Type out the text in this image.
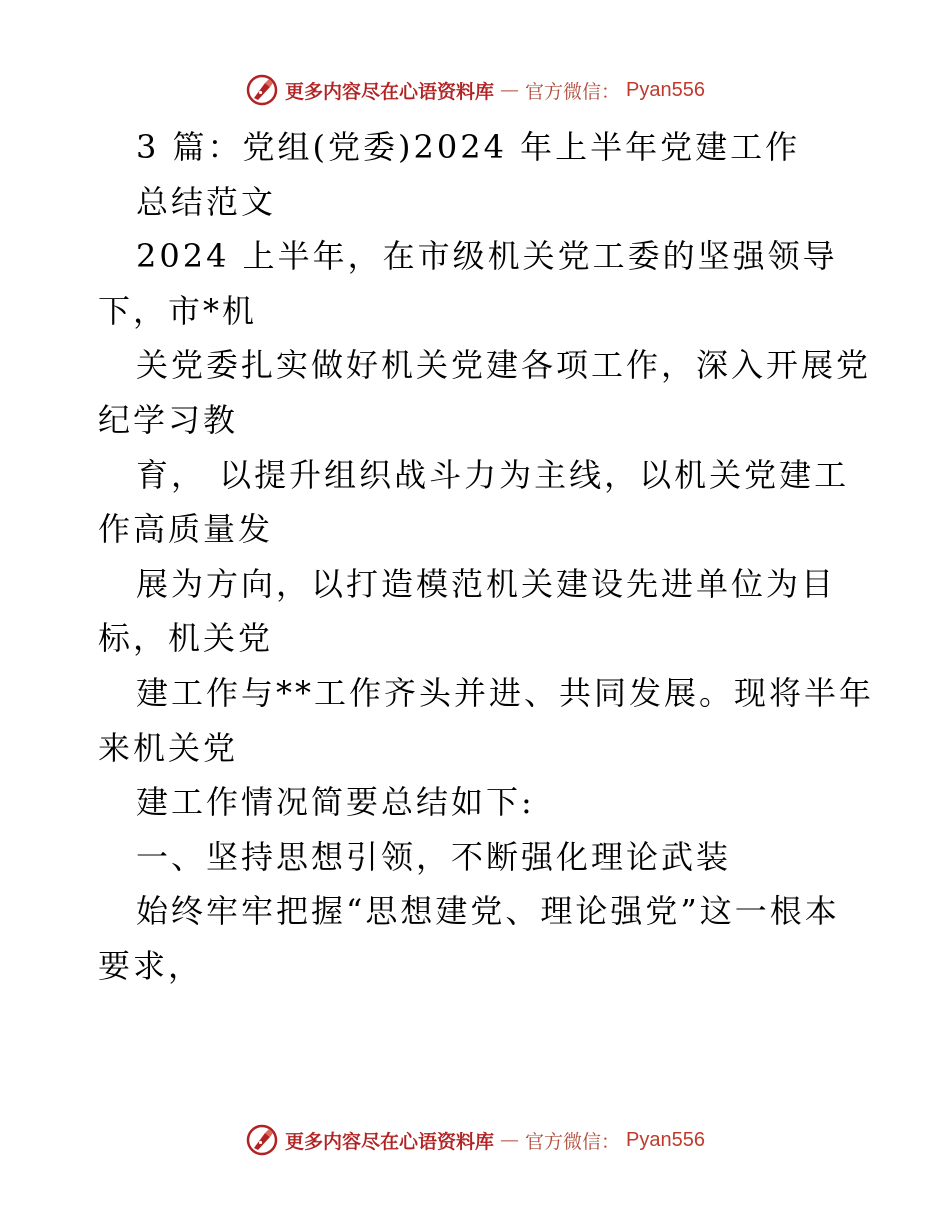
更多内容尽在心语资料库 — 官方微信： Pyan556
3 篇：党组(党委)2024 年上半年党建工作
总结范文
2024 上半年，在市级机关党工委的坚强领导
下，市*机
关党委扎实做好机关党建各项工作，深入开展党
纪学习教
育， 以提升组织战斗力为主线，以机关党建工
作高质量发
展为方向，以打造模范机关建设先进单位为目
标，机关党
建工作与**工作齐头并进、共同发展。现将半年
来机关党
建工作情况简要总结如下:
一、坚持思想引领，不断强化理论武装
始终牢牢把握“思想建党、理论强党”这一根本
要求，
更多内容尽在心语资料库 — 官方微信： Pyan556
